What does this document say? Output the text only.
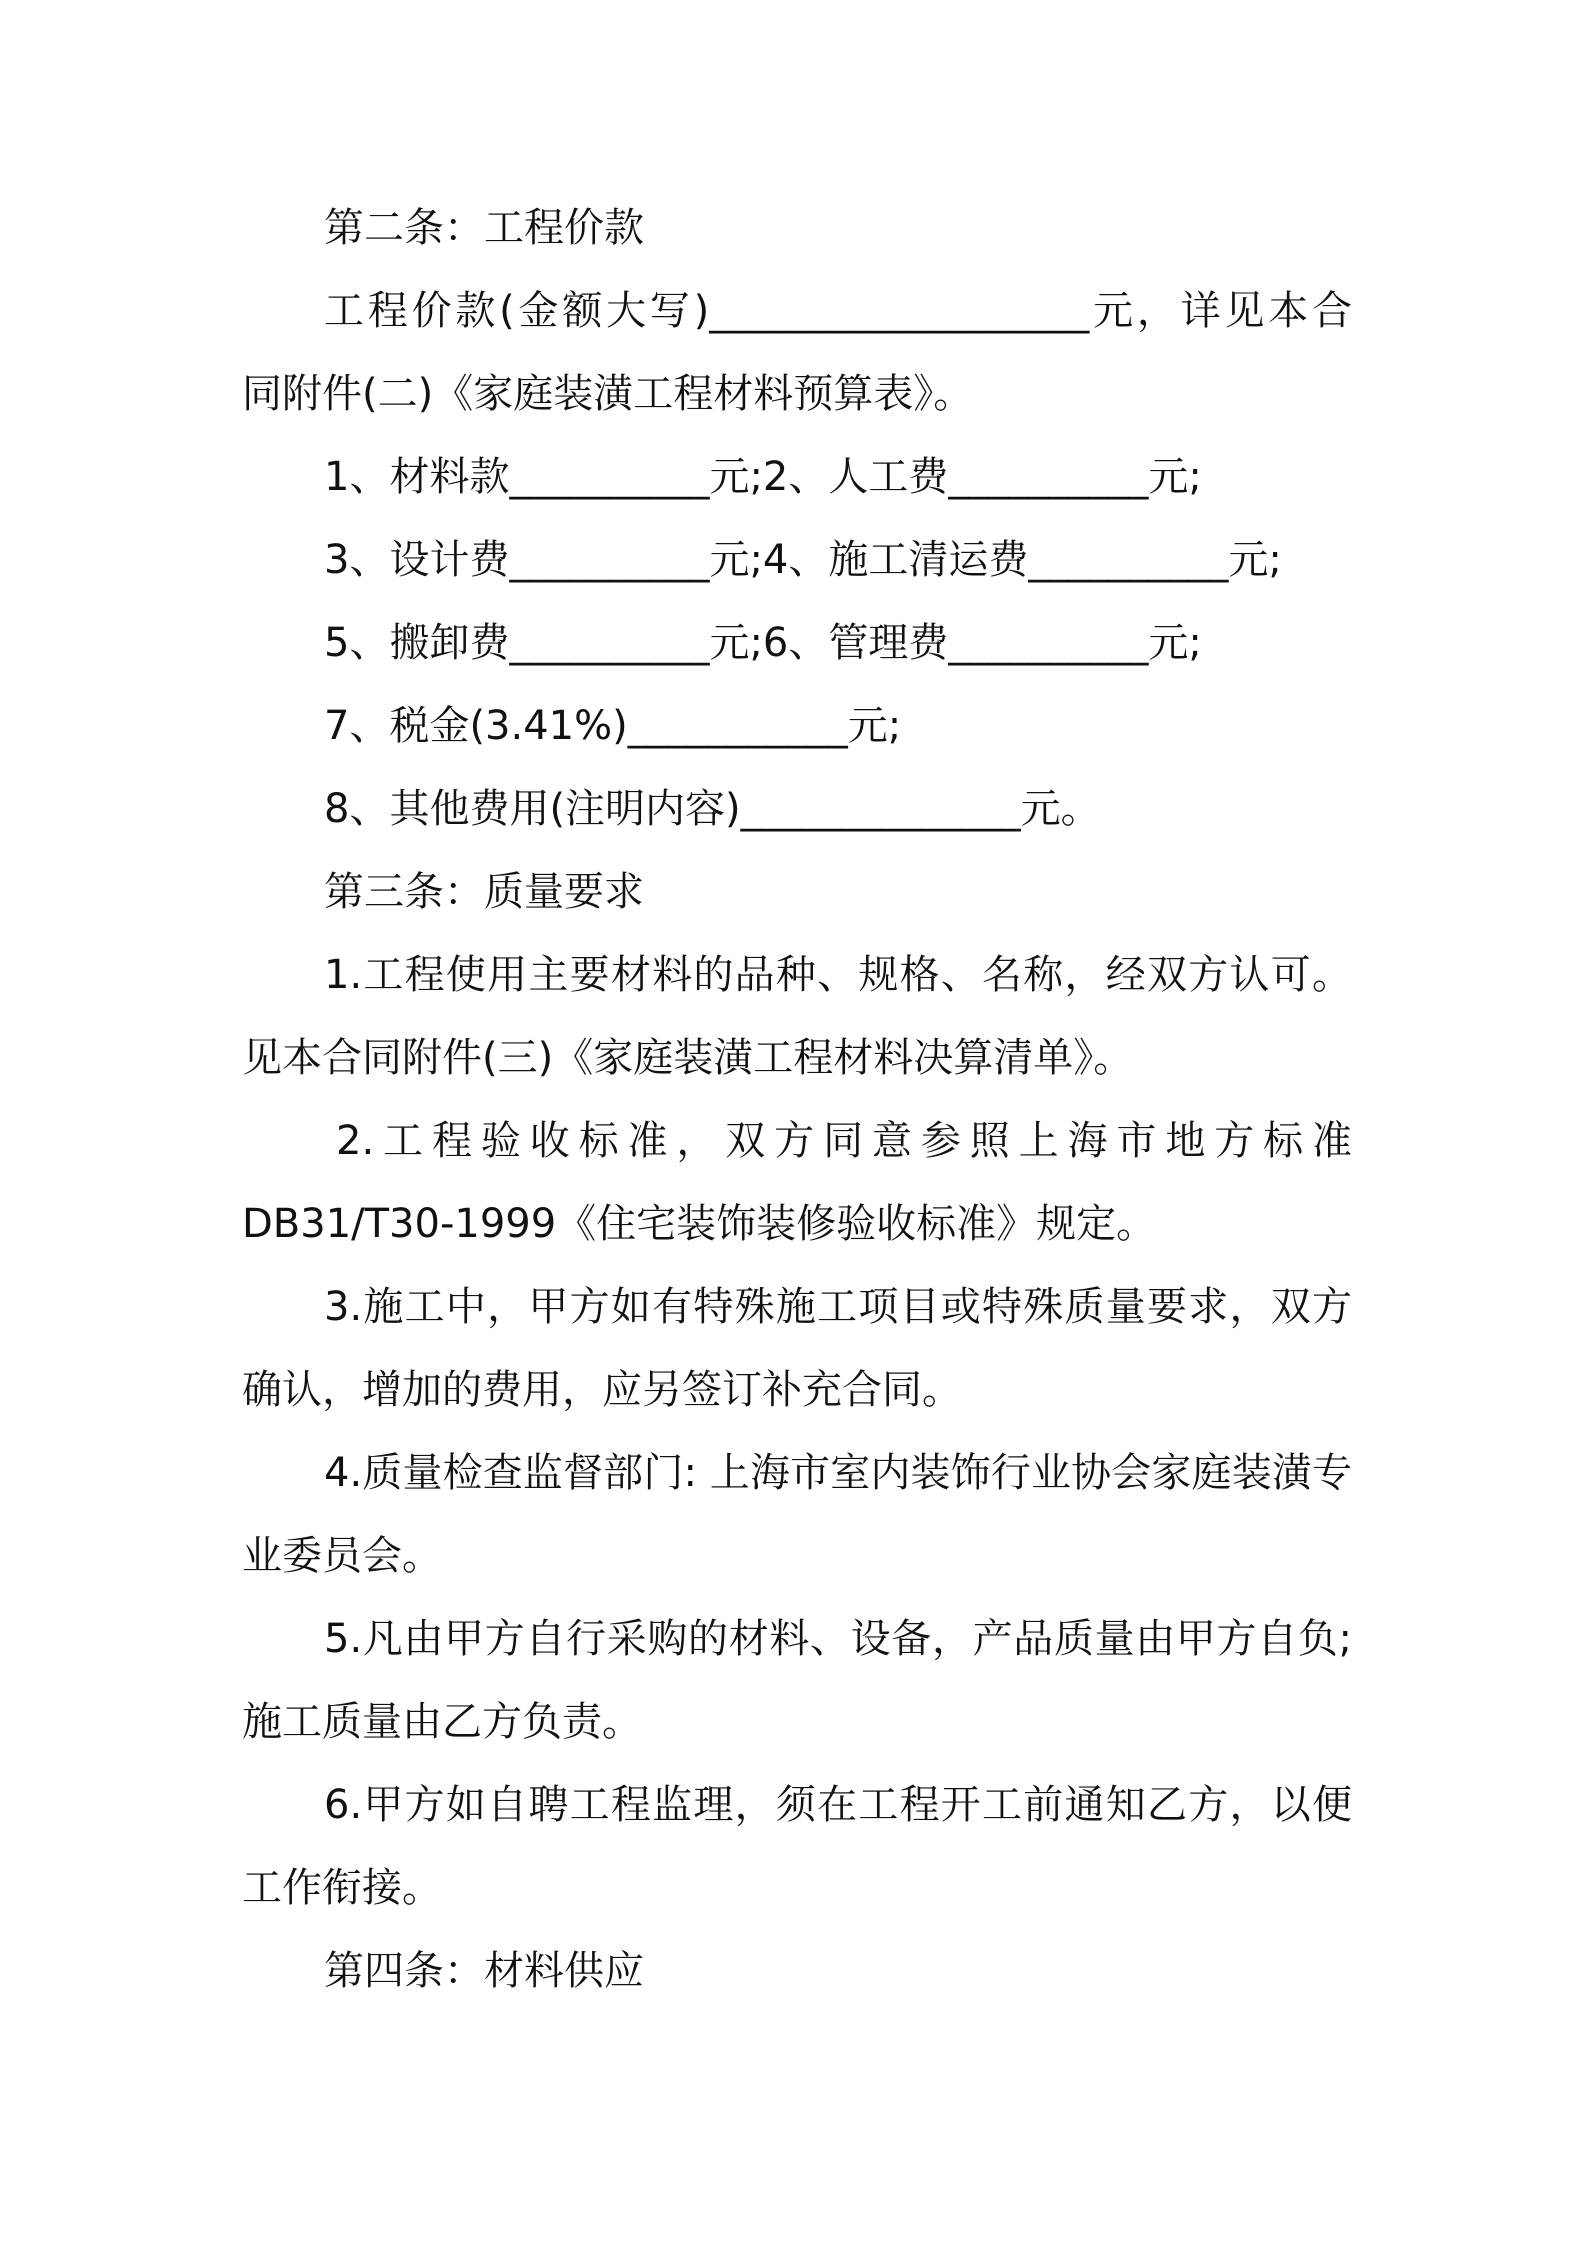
第二条：工程价款
工程价款(金额大写)___________________元，详见本合
同附件(二)《家庭装潢工程材料预算表》。
1、材料款__________元;2、人工费__________元;
3、设计费__________元;4、施工清运费__________元;
5、搬卸费__________元;6、管理费__________元;
7、税金(3.41%)___________元;
8、其他费用(注明内容)______________元。
第三条：质量要求
1.工程使用主要材料的品种、规格、名称，经双方认可。
见本合同附件(三)《家庭装潢工程材料决算清单》。
2.工程验收标准，双方同意参照上海市地方标准
DB31/T30-1999《住宅装饰装修验收标准》规定。
3.施工中，甲方如有特殊施工项目或特殊质量要求，双方
确认，增加的费用，应另签订补充合同。
4.质量检查监督部门: 上海市室内装饰行业协会家庭装潢专
业委员会。
5.凡由甲方自行采购的材料、设备，产品质量由甲方自负;
施工质量由乙方负责。
6.甲方如自聘工程监理，须在工程开工前通知乙方，以便
工作衔接。
第四条：材料供应
